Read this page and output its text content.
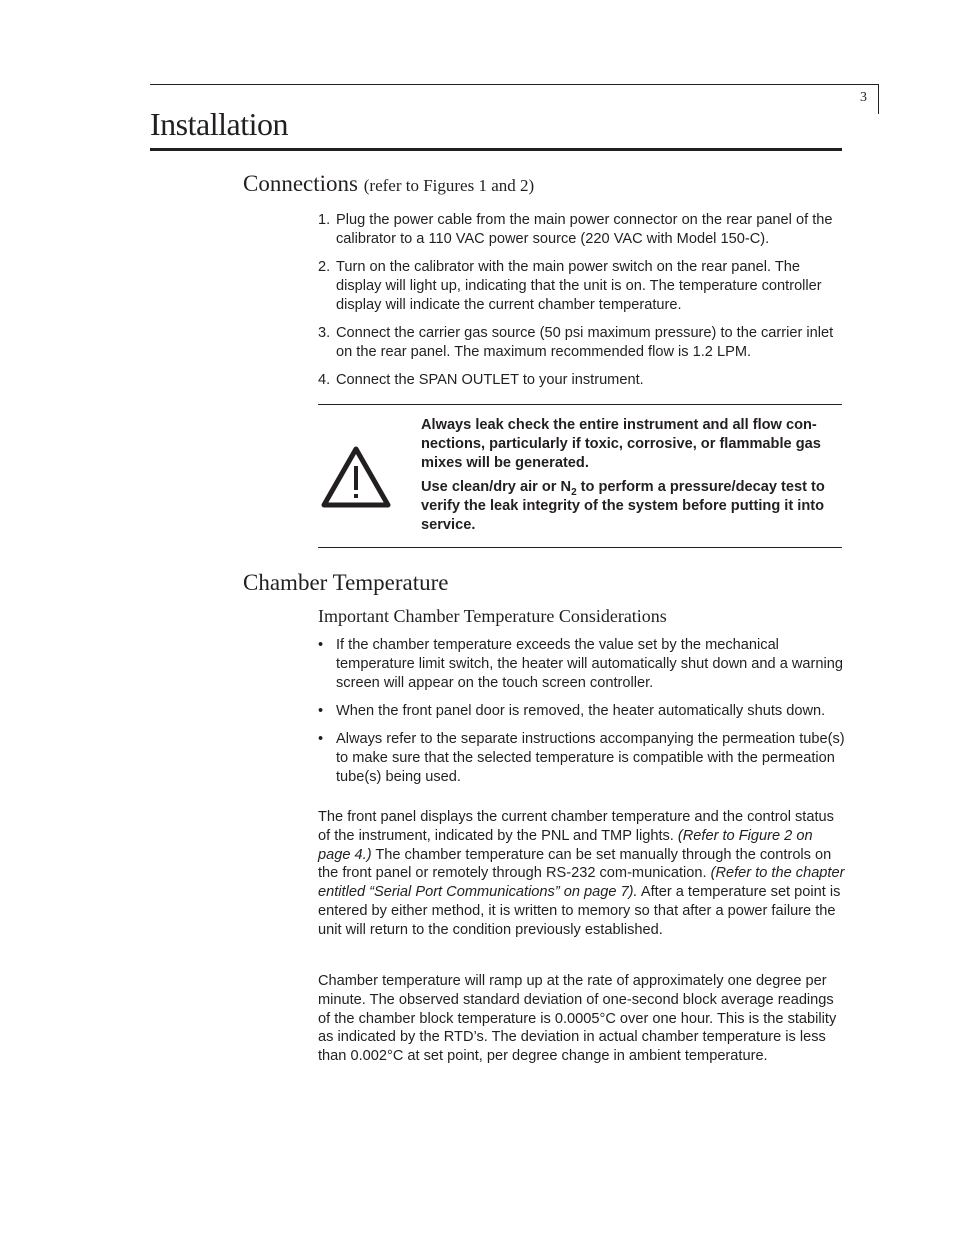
3
Installation
Connections (refer to Figures 1 and 2)
1. Plug the power cable from the main power connector on the rear panel of the calibrator to a 110 VAC power source (220 VAC with Model 150-C).
2. Turn on the calibrator with the main power switch on the rear panel. The display will light up, indicating that the unit is on. The temperature controller display will indicate the current chamber temperature.
3. Connect the carrier gas source (50 psi maximum pressure) to the carrier inlet on the rear panel. The maximum recommended flow is 1.2 LPM.
4. Connect the SPAN OUTLET to your instrument.

Always leak check the entire instrument and all flow con-nections, particularly if toxic, corrosive, or flammable gas mixes will be generated.

Use clean/dry air or $N_2$ to perform a pressure/decay test to verify the leak integrity of the system before putting it into service.

Chamber Temperature
Important Chamber Temperature Considerations
• If the chamber temperature exceeds the value set by the mechanical temperature limit switch, the heater will automatically shut down and a warning screen will appear on the touch screen controller.
• When the front panel door is removed, the heater automatically shuts down.
• Always refer to the separate instructions accompanying the permeation tube(s) to make sure that the selected temperature is compatible with the permeation tube(s) being used.

The front panel displays the current chamber temperature and the control status of the instrument, indicated by the PNL and TMP lights. (Refer to Figure 2 on page 4.) The chamber temperature can be set manually through the controls on the front panel or remotely through RS-232 com-munication. (Refer to the chapter entitled “Serial Port Communications” on page 7). After a temperature set point is entered by either method, it is written to memory so that after a power failure the unit will return to the condition previously established.

Chamber temperature will ramp up at the rate of approximately one degree per minute. The observed standard deviation of one-second block average readings of the chamber block temperature is 0.0005°C over one hour. This is the stability as indicated by the RTD’s. The deviation in actual chamber temperature is less than 0.002°C at set point, per degree change in ambient temperature.
